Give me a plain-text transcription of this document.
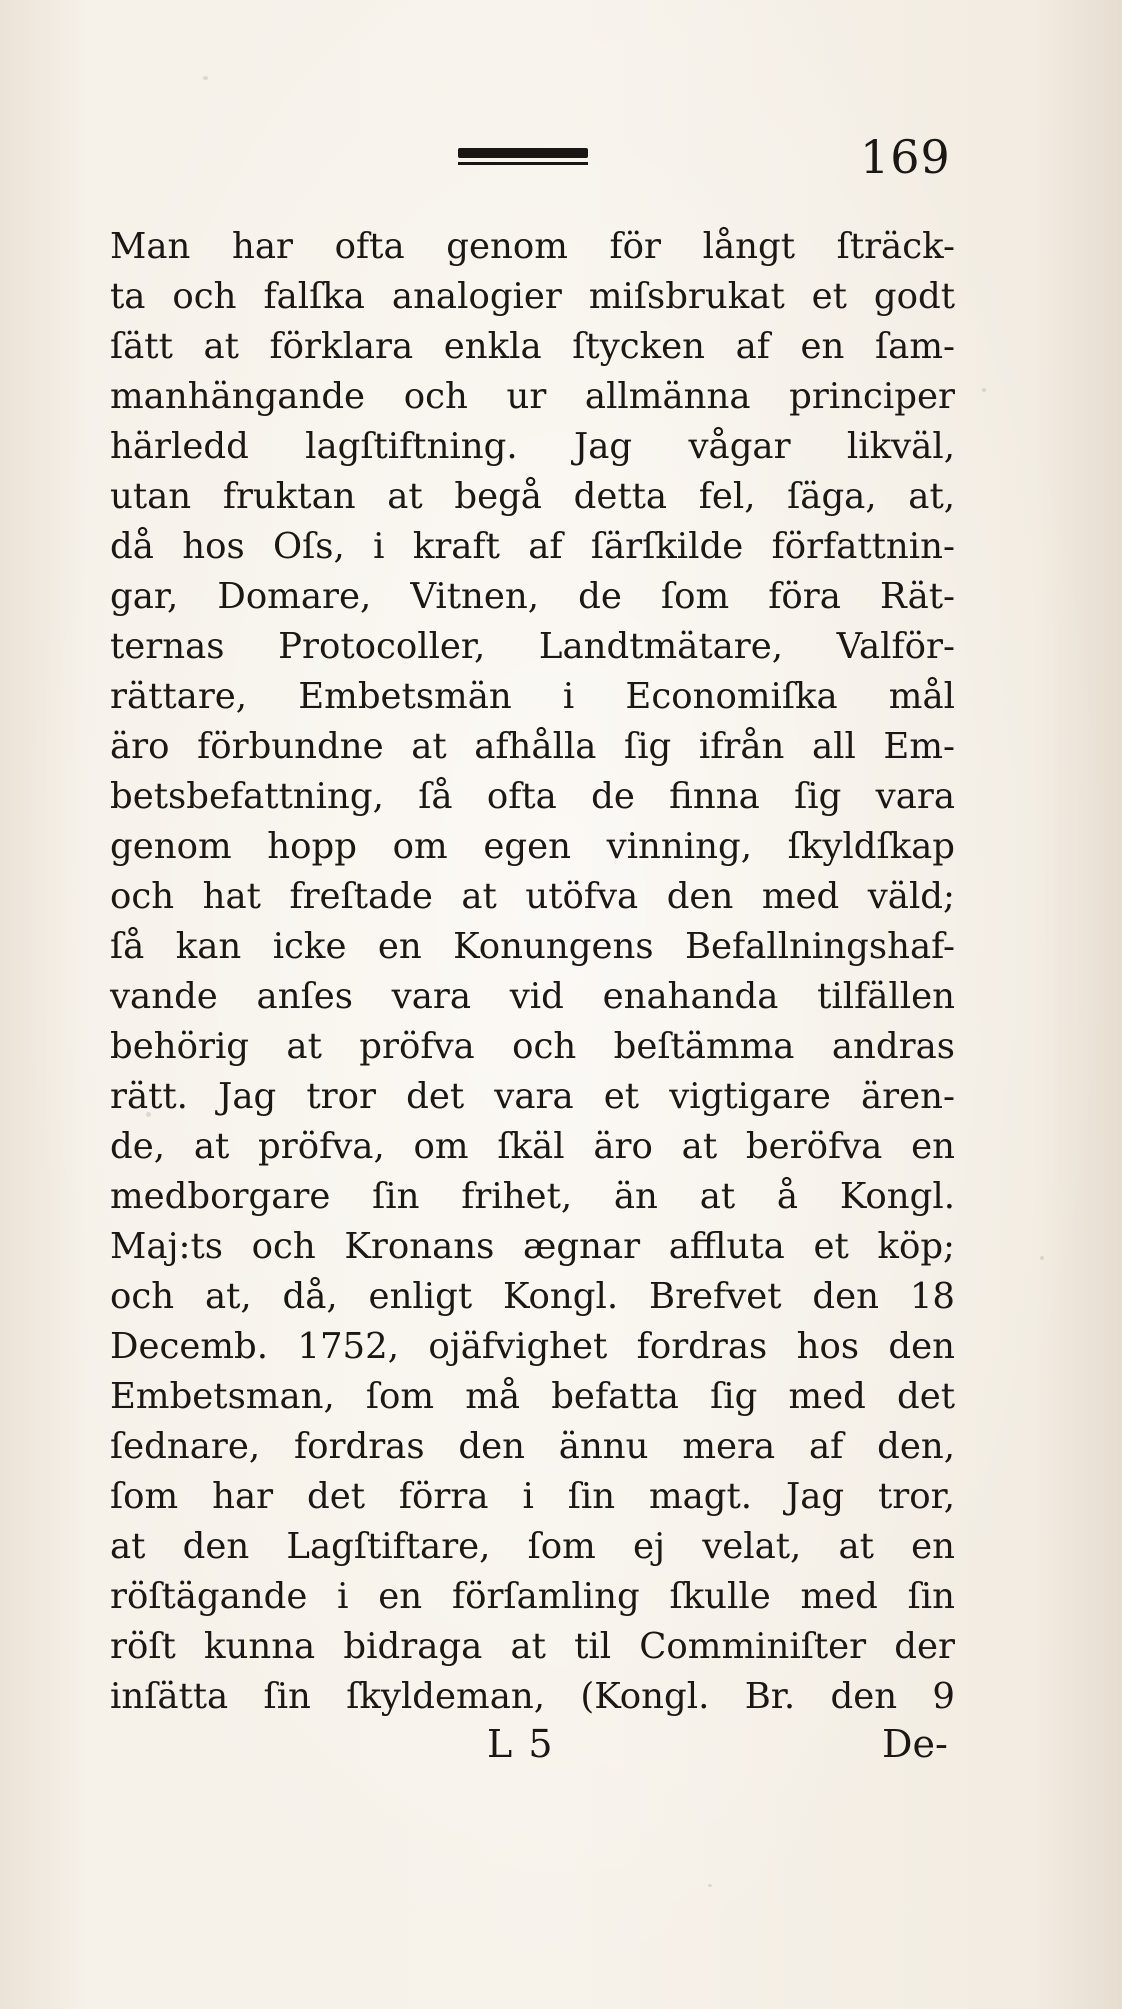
169
Man har ofta genom för långt ſträck-
ta och falſka analogier miſsbrukat et godt
ſätt at förklara enkla ſtycken af en ſam-
manhängande och ur allmänna principer
härledd lagſtiftning. Jag vågar likväl,
utan fruktan at begå detta fel, ſäga, at,
då hos Oſs, i kraft af ſärſkilde författnin-
gar, Domare, Vitnen, de ſom föra Rät-
ternas Protocoller, Landtmätare, Valför-
rättare, Embetsmän i Economiſka mål
äro förbundne at afhålla ſig ifrån all Em-
betsbefattning, ſå ofta de finna ſig vara
genom hopp om egen vinning, ſkyldſkap
och hat freſtade at utöfva den med väld;
ſå kan icke en Konungens Befallningshaf-
vande anſes vara vid enahanda tilfällen
behörig at pröfva och beſtämma andras
rätt. Jag tror det vara et vigtigare ären-
de, at pröfva, om ſkäl äro at beröfva en
medborgare ſin frihet, än at å Kongl.
Maj:ts och Kronans ægnar affluta et köp;
och at, då, enligt Kongl. Brefvet den 18
Decemb. 1752, ojäfvighet fordras hos den
Embetsman, ſom må befatta ſig med det
ſednare, fordras den ännu mera af den,
ſom har det förra i ſin magt. Jag tror,
at den Lagſtiftare, ſom ej velat, at en
röſtägande i en förſamling ſkulle med ſin
röſt kunna bidraga at til Comminiſter der
inſätta ſin ſkyldeman, (Kongl. Br. den 9
L 5	De-
